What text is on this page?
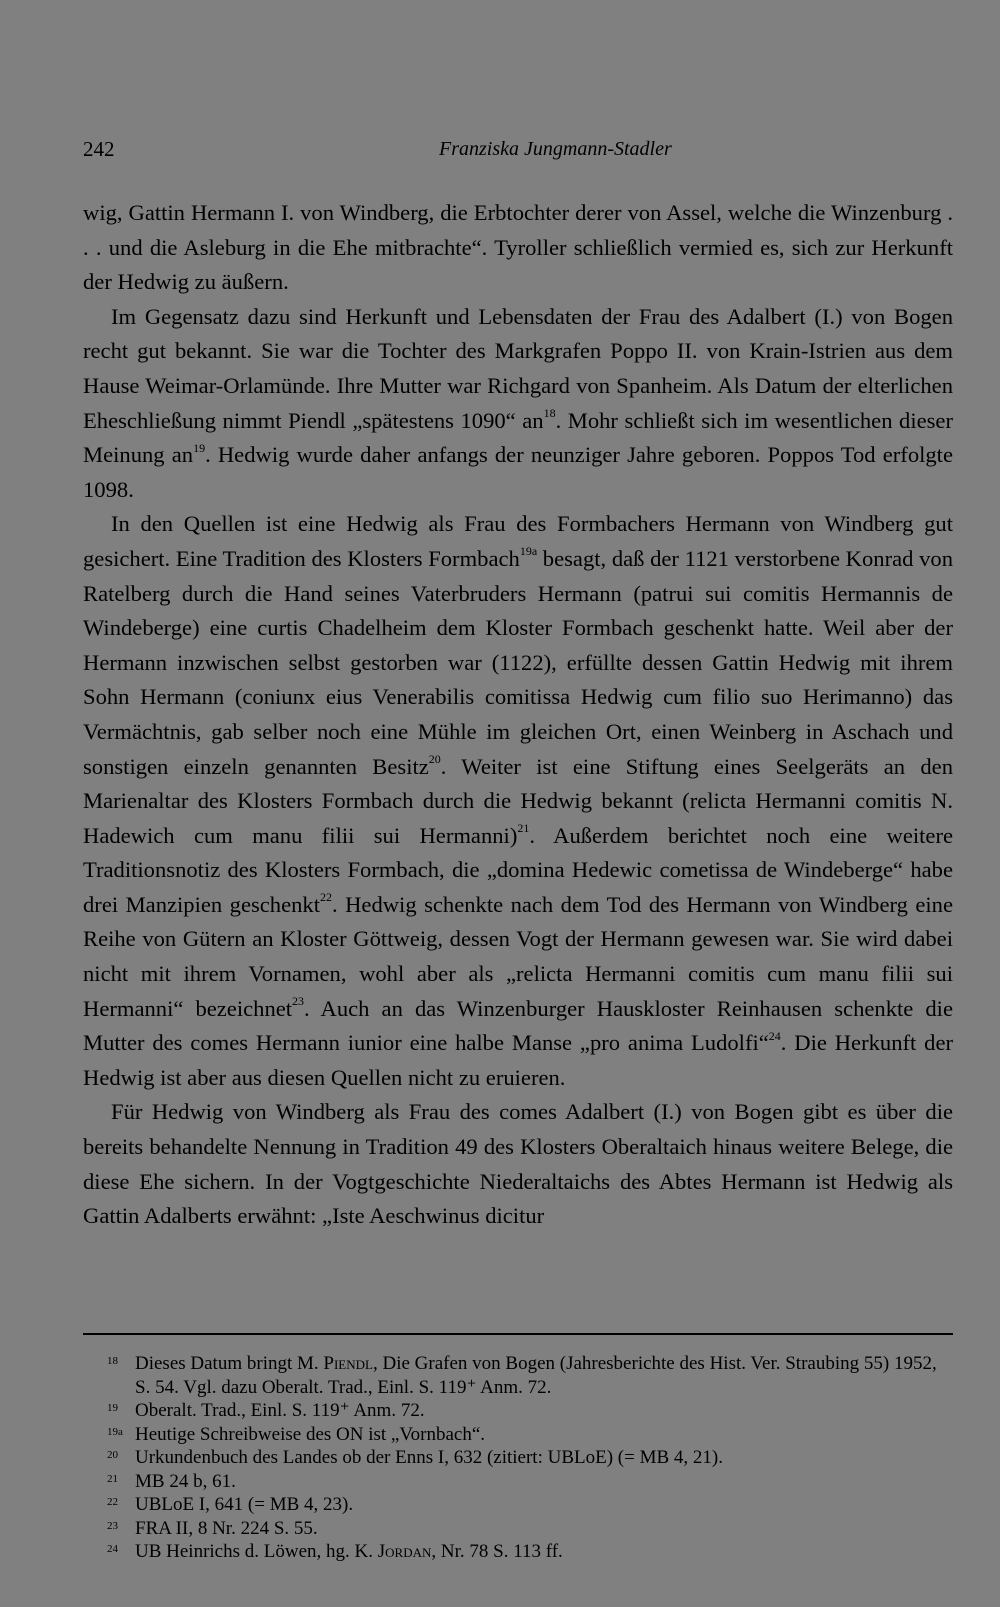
242	Franziska Jungmann-Stadler

wig, Gattin Hermann I. von Windberg, die Erbtochter derer von Assel, welche die Winzenburg . . . und die Asleburg in die Ehe mitbrachte“. Tyroller schließlich vermied es, sich zur Herkunft der Hedwig zu äußern.

Im Gegensatz dazu sind Herkunft und Lebensdaten der Frau des Adalbert (I.) von Bogen recht gut bekannt. Sie war die Tochter des Markgrafen Poppo II. von Krain-Istrien aus dem Hause Weimar-Orlamünde. Ihre Mutter war Richgard von Spanheim. Als Datum der elterlichen Eheschließung nimmt Piendl „spätestens 1090“ $an^{18}$. Mohr schließt sich im wesentlichen dieser Meinung $an^{19}$. Hedwig wurde daher anfangs der neunziger Jahre geboren. Poppos Tod erfolgte 1098.

In den Quellen ist eine Hedwig als Frau des Formbachers Hermann von Windberg gut gesichert. Eine Tradition des Klosters Formbach$^{19a}$ besagt, daß der 1121 verstorbene Konrad von Ratelberg durch die Hand seines Vaterbruders Hermann (patrui sui comitis Hermannis de Windeberge) eine curtis Chadelheim dem Kloster Formbach geschenkt hatte. Weil aber der Hermann inzwischen selbst gestorben war (1122), erfüllte dessen Gattin Hedwig mit ihrem Sohn Hermann (coniunx eius Venerabilis comitissa Hedwig cum filio suo Herimanno) das Vermächtnis, gab selber noch eine Mühle im gleichen Ort, einen Weinberg in Aschach und sonstigen einzeln genannten Besitz$^{20}$. Weiter ist eine Stiftung eines Seelgeräts an den Marienaltar des Klosters Formbach durch die Hedwig bekannt (relicta Hermanni comitis N. Hadewich cum manu filii sui Hermanni)$^{21}$. Außerdem berichtet noch eine weitere Traditionsnotiz des Klosters Formbach, die „domina Hedewic cometissa de Windeberge“ habe drei Manzipien geschenkt$^{22}$. Hedwig schenkte nach dem Tod des Hermann von Windberg eine Reihe von Gütern an Kloster Göttweig, dessen Vogt der Hermann gewesen war. Sie wird dabei nicht mit ihrem Vornamen, wohl aber als „relicta Hermanni comitis cum manu filii sui Hermanni“ bezeichnet$^{23}$. Auch an das Winzenburger Hauskloster Reinhausen schenkte die Mutter des comes Hermann iunior eine halbe Manse „pro anima Ludolfi“$^{24}$. Die Herkunft der Hedwig ist aber aus diesen Quellen nicht zu eruieren.

Für Hedwig von Windberg als Frau des comes Adalbert (I.) von Bogen gibt es über die bereits behandelte Nennung in Tradition 49 des Klosters Oberaltaich hinaus weitere Belege, die diese Ehe sichern. In der Vogtgeschichte Niederaltaichs des Abtes Hermann ist Hedwig als Gattin Adalberts erwähnt: „Iste Aeschwinus dicitur

18 Dieses Datum bringt M. Piendl, Die Grafen von Bogen (Jahresberichte des Hist. Ver. Straubing 55) 1952, S. 54. Vgl. dazu Oberalt. Trad., Einl. S. 119⁺ Anm. 72.
19 Oberalt. Trad., Einl. S. 119⁺ Anm. 72.
19a Heutige Schreibweise des ON ist „Vornbach“.
20 Urkundenbuch des Landes ob der Enns I, 632 (zitiert: UBLoE) (= MB 4, 21).
21 MB 24 b, 61.
22 UBLoE I, 641 (= MB 4, 23).
23 FRA II, 8 Nr. 224 S. 55.
24 UB Heinrichs d. Löwen, hg. K. Jordan, Nr. 78 S. 113 ff.
